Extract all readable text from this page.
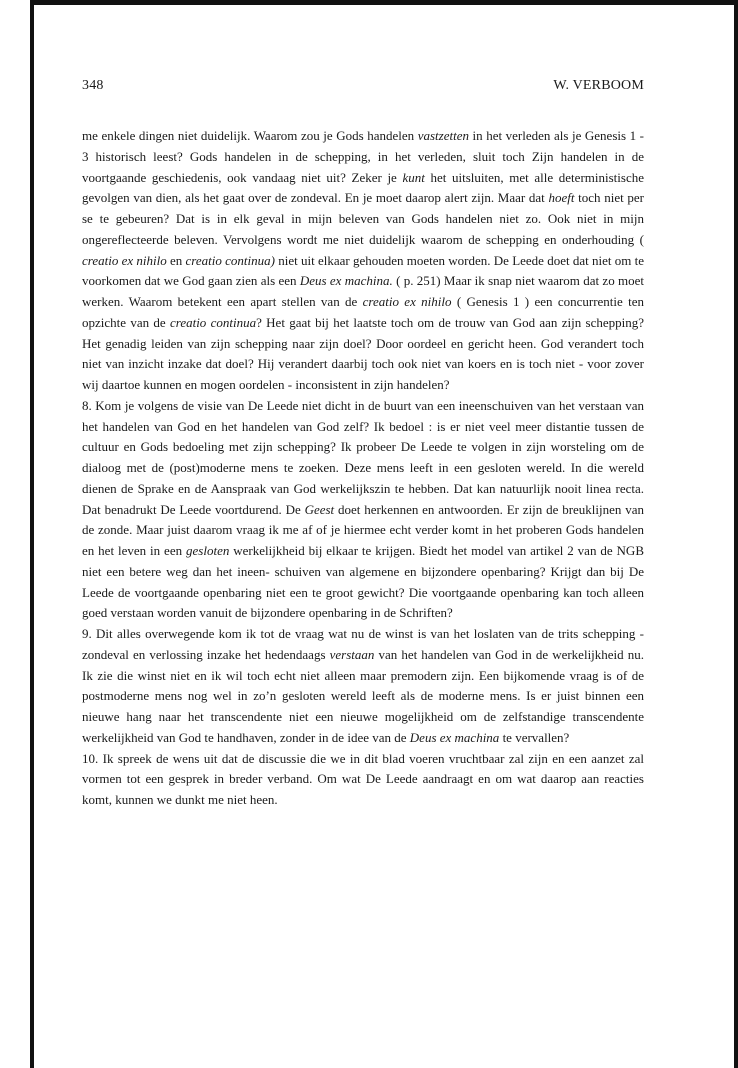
348	W. VERBOOM

me enkele dingen niet duidelijk. Waarom zou je Gods handelen vastzetten in het verleden als je Genesis 1 - 3 historisch leest? Gods handelen in de schepping, in het verleden, sluit toch Zijn handelen in de voortgaande geschiedenis, ook vandaag niet uit? Zeker je kunt het uitsluiten, met alle deterministische gevolgen van dien, als het gaat over de zondeval. En je moet daarop alert zijn. Maar dat hoeft toch niet per se te gebeuren? Dat is in elk geval in mijn beleven van Gods handelen niet zo. Ook niet in mijn ongereflecteerde beleven. Vervolgens wordt me niet duidelijk waarom de schepping en onderhouding ( creatio ex nihilo en creatio continua) niet uit elkaar gehouden moeten worden. De Leede doet dat niet om te voorkomen dat we God gaan zien als een Deus ex machina. ( p. 251) Maar ik snap niet waarom dat zo moet werken. Waarom betekent een apart stellen van de creatio ex nihilo ( Genesis 1 ) een concurrentie ten opzichte van de creatio continua? Het gaat bij het laatste toch om de trouw van God aan zijn schepping? Het genadig leiden van zijn schepping naar zijn doel? Door oordeel en gericht heen. God verandert toch niet van inzicht inzake dat doel? Hij verandert daarbij toch ook niet van koers en is toch niet - voor zover wij daartoe kunnen en mogen oordelen - inconsistent in zijn handelen?

8. Kom je volgens de visie van De Leede niet dicht in de buurt van een ineenschuiven van het verstaan van het handelen van God en het handelen van God zelf? Ik bedoel : is er niet veel meer distantie tussen de cultuur en Gods bedoeling met zijn schepping? Ik probeer De Leede te volgen in zijn worsteling om de dialoog met de (post)moderne mens te zoeken. Deze mens leeft in een gesloten wereld. In die wereld dienen de Sprake en de Aanspraak van God werkelijkszin te hebben. Dat kan natuurlijk nooit linea recta. Dat benadrukt De Leede voortdurend. De Geest doet herkennen en antwoorden. Er zijn de breuklijnen van de zonde. Maar juist daarom vraag ik me af of je hiermee echt verder komt in het proberen Gods handelen en het leven in een gesloten werkelijkheid bij elkaar te krijgen. Biedt het model van artikel 2 van de NGB niet een betere weg dan het ineen- schuiven van algemene en bijzondere openbaring? Krijgt dan bij De Leede de voortgaande openbaring niet een te groot gewicht? Die voortgaande openbaring kan toch alleen goed verstaan worden vanuit de bijzondere openbaring in de Schriften?

9. Dit alles overwegende kom ik tot de vraag wat nu de winst is van het loslaten van de trits schepping - zondeval en verlossing inzake het hedendaags verstaan van het handelen van God in de werkelijkheid nu. Ik zie die winst niet en ik wil toch echt niet alleen maar premodern zijn. Een bijkomende vraag is of de postmoderne mens nog wel in zo’n gesloten wereld leeft als de moderne mens. Is er juist binnen een nieuwe hang naar het transcendente niet een nieuwe mogelijkheid om de zelfstandige transcendente werkelijkheid van God te handhaven, zonder in de idee van de Deus ex machina te vervallen?

10. Ik spreek de wens uit dat de discussie die we in dit blad voeren vruchtbaar zal zijn en een aanzet zal vormen tot een gesprek in breder verband. Om wat De Leede aandraagt en om wat daarop aan reacties komt, kunnen we dunkt me niet heen.
